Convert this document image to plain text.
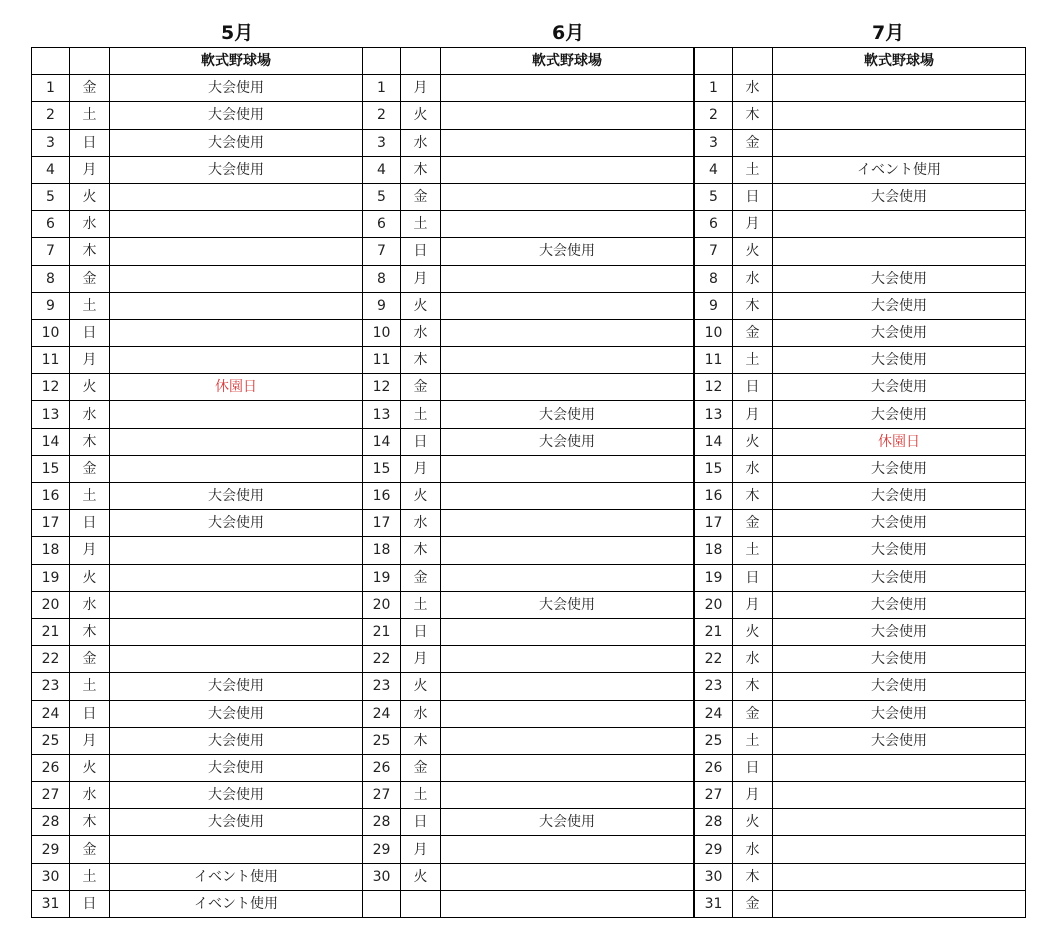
5月
		軟式野球場
1	金	大会使用
2	土	大会使用
3	日	大会使用
4	月	大会使用
5	火	
6	水	
7	木	
8	金	
9	土	
10	日	
11	月	
12	火	休園日
13	水	
14	木	
15	金	
16	土	大会使用
17	日	大会使用
18	月	
19	火	
20	水	
21	木	
22	金	
23	土	大会使用
24	日	大会使用
25	月	大会使用
26	火	大会使用
27	水	大会使用
28	木	大会使用
29	金	
30	土	イベント使用
31	日	イベント使用
6月
		軟式野球場
1	月	
2	火	
3	水	
4	木	
5	金	
6	土	
7	日	大会使用
8	月	
9	火	
10	水	
11	木	
12	金	
13	土	大会使用
14	日	大会使用
15	月	
16	火	
17	水	
18	木	
19	金	
20	土	大会使用
21	日	
22	月	
23	火	
24	水	
25	木	
26	金	
27	土	
28	日	大会使用
29	月	
30	火	

7月
		軟式野球場
1	水	
2	木	
3	金	
4	土	イベント使用
5	日	大会使用
6	月	
7	火	
8	水	大会使用
9	木	大会使用
10	金	大会使用
11	土	大会使用
12	日	大会使用
13	月	大会使用
14	火	休園日
15	水	大会使用
16	木	大会使用
17	金	大会使用
18	土	大会使用
19	日	大会使用
20	月	大会使用
21	火	大会使用
22	水	大会使用
23	木	大会使用
24	金	大会使用
25	土	大会使用
26	日	
27	月	
28	火	
29	水	
30	木	
31	金	
